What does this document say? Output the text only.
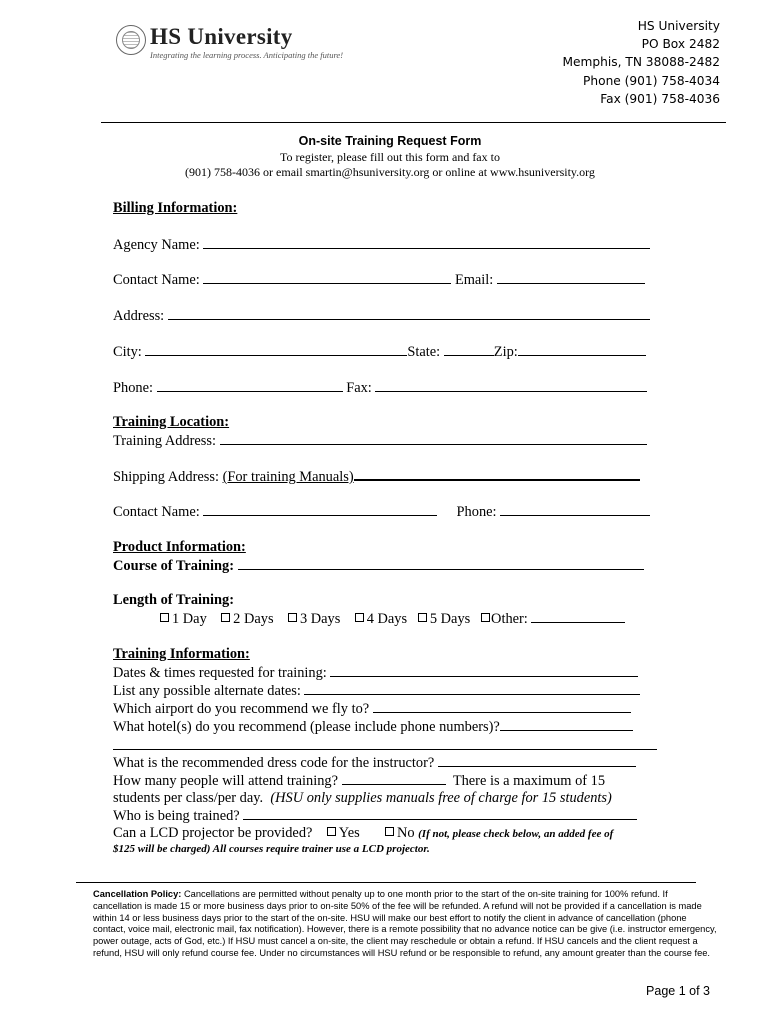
HS University
Integrating the learning process. Anticipating the future!
HS University
PO Box 2482
Memphis, TN 38088-2482
Phone (901) 758-4034
Fax (901) 758-4036
On-site Training Request Form
To register, please fill out this form and fax to
(901) 758-4036 or email smartin@hsuniversity.org or online at www.hsuniversity.org
Billing Information:
Agency Name:
Contact Name:	Email:
Address:
City:	State:	Zip:
Phone:	Fax:
Training Location:
Training Address:
Shipping Address: (For training Manuals)
Contact Name:	Phone:
Product Information:
Course of Training:
Length of Training:
1 Day 2 Days 3 Days 4 Days 5 Days Other:
Training Information:
Dates & times requested for training:
List any possible alternate dates:
Which airport do you recommend we fly to?
What hotel(s) do you recommend (please include phone numbers)?
What is the recommended dress code for the instructor?
How many people will attend training?	There is a maximum of 15
students per class/per day. (HSU only supplies manuals free of charge for 15 students)
Who is being trained?
Can a LCD projector be provided? Yes	No (If not, please check below, an added fee of
$125 will be charged) All courses require trainer use a LCD projector.
Cancellation Policy: Cancellations are permitted without penalty up to one month prior to the start of the on-site training for 100% refund. If cancellation is made 15 or more business days prior to on-site 50% of the fee will be refunded. A refund will not be provided if a cancellation is made within 14 or less business days prior to the start of the on-site. HSU will make our best effort to notify the client in advance of cancellation (phone contact, voice mail, electronic mail, fax notification). However, there is a remote possibility that no advance notice can be give (i.e. instructor emergency, power outage, acts of God, etc.) If HSU must cancel a on-site, the client may reschedule or obtain a refund. If HSU cancels and the client request a refund, HSU will only refund course fee. Under no circumstances will HSU refund or be responsible to refund, any amount greater than the course fee.
Page 1 of 3
